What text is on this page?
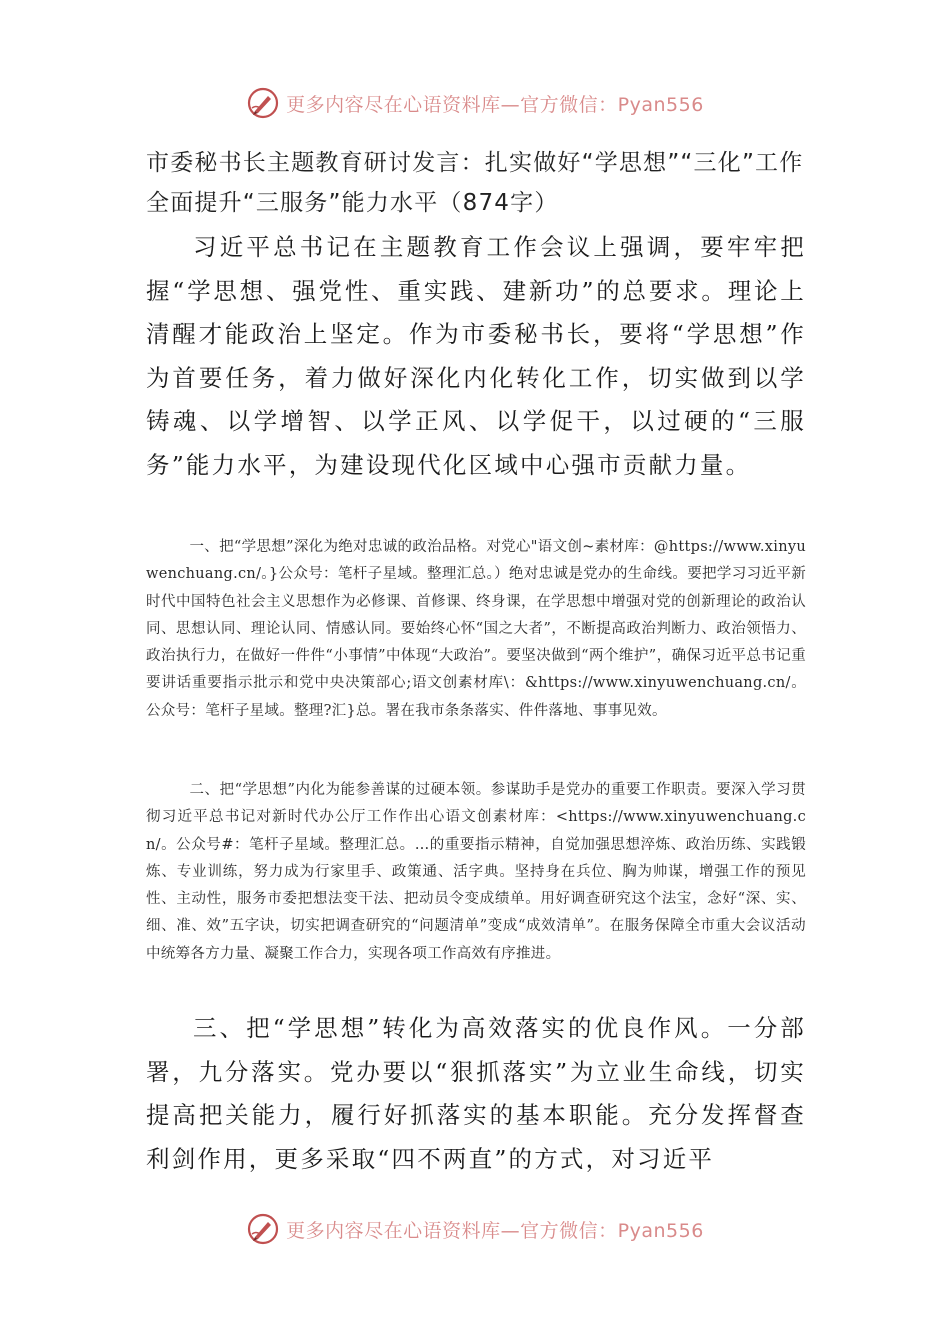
更多内容尽在心语资料库—官方微信：Pyan556
市委秘书长主题教育研讨发言：扎实做好“学思想”“三化”工作全面提升“三服务”能力水平（874字）

习近平总书记在主题教育工作会议上强调，要牢牢把握“学思想、强党性、重实践、建新功”的总要求。理论上清醒才能政治上坚定。作为市委秘书长，要将“学思想”作为首要任务，着力做好深化内化转化工作，切实做到以学铸魂、以学增智、以学正风、以学促干，以过硬的“三服务”能力水平，为建设现代化区域中心强市贡献力量。

一、把“学思想”深化为绝对忠诚的政治品格。对党心"语文创~素材库：@https://www.xinyuwenchuang.cn/。}公众号：笔杆子星域。整理汇总。）绝对忠诚是党办的生命线。要把学习习近平新时代中国特色社会主义思想作为必修课、首修课、终身课，在学思想中增强对党的创新理论的政治认同、思想认同、理论认同、情感认同。要始终心怀“国之大者”，不断提高政治判断力、政治领悟力、政治执行力，在做好一件件“小事情”中体现“大政治”。要坚决做到“两个维护”，确保习近平总书记重要讲话重要指示批示和党中央决策部心;语文创素材库\：&https://www.xinyuwenchuang.cn/。公众号：笔杆子星域。整理?汇}总。署在我市条条落实、件件落地、事事见效。

二、把“学思想”内化为能参善谋的过硬本领。参谋助手是党办的重要工作职责。要深入学习贯彻习近平总书记对新时代办公厅工作作出心语文创素材库：<https://www.xinyuwenchuang.cn/。公众号#：笔杆子星域。整理汇总。…的重要指示精神，自觉加强思想淬炼、政治历练、实践锻炼、专业训练，努力成为行家里手、政策通、活字典。坚持身在兵位、胸为帅谋，增强工作的预见性、主动性，服务市委把想法变干法、把动员令变成绩单。用好调查研究这个法宝，念好“深、实、细、准、效”五字诀，切实把调查研究的“问题清单”变成“成效清单”。在服务保障全市重大会议活动中统筹各方力量、凝聚工作合力，实现各项工作高效有序推进。

三、把“学思想”转化为高效落实的优良作风。一分部署，九分落实。党办要以“狠抓落实”为立业生命线，切实提高把关能力，履行好抓落实的基本职能。充分发挥督查利剑作用，更多采取“四不两直”的方式，对习近平

更多内容尽在心语资料库—官方微信：Pyan556
